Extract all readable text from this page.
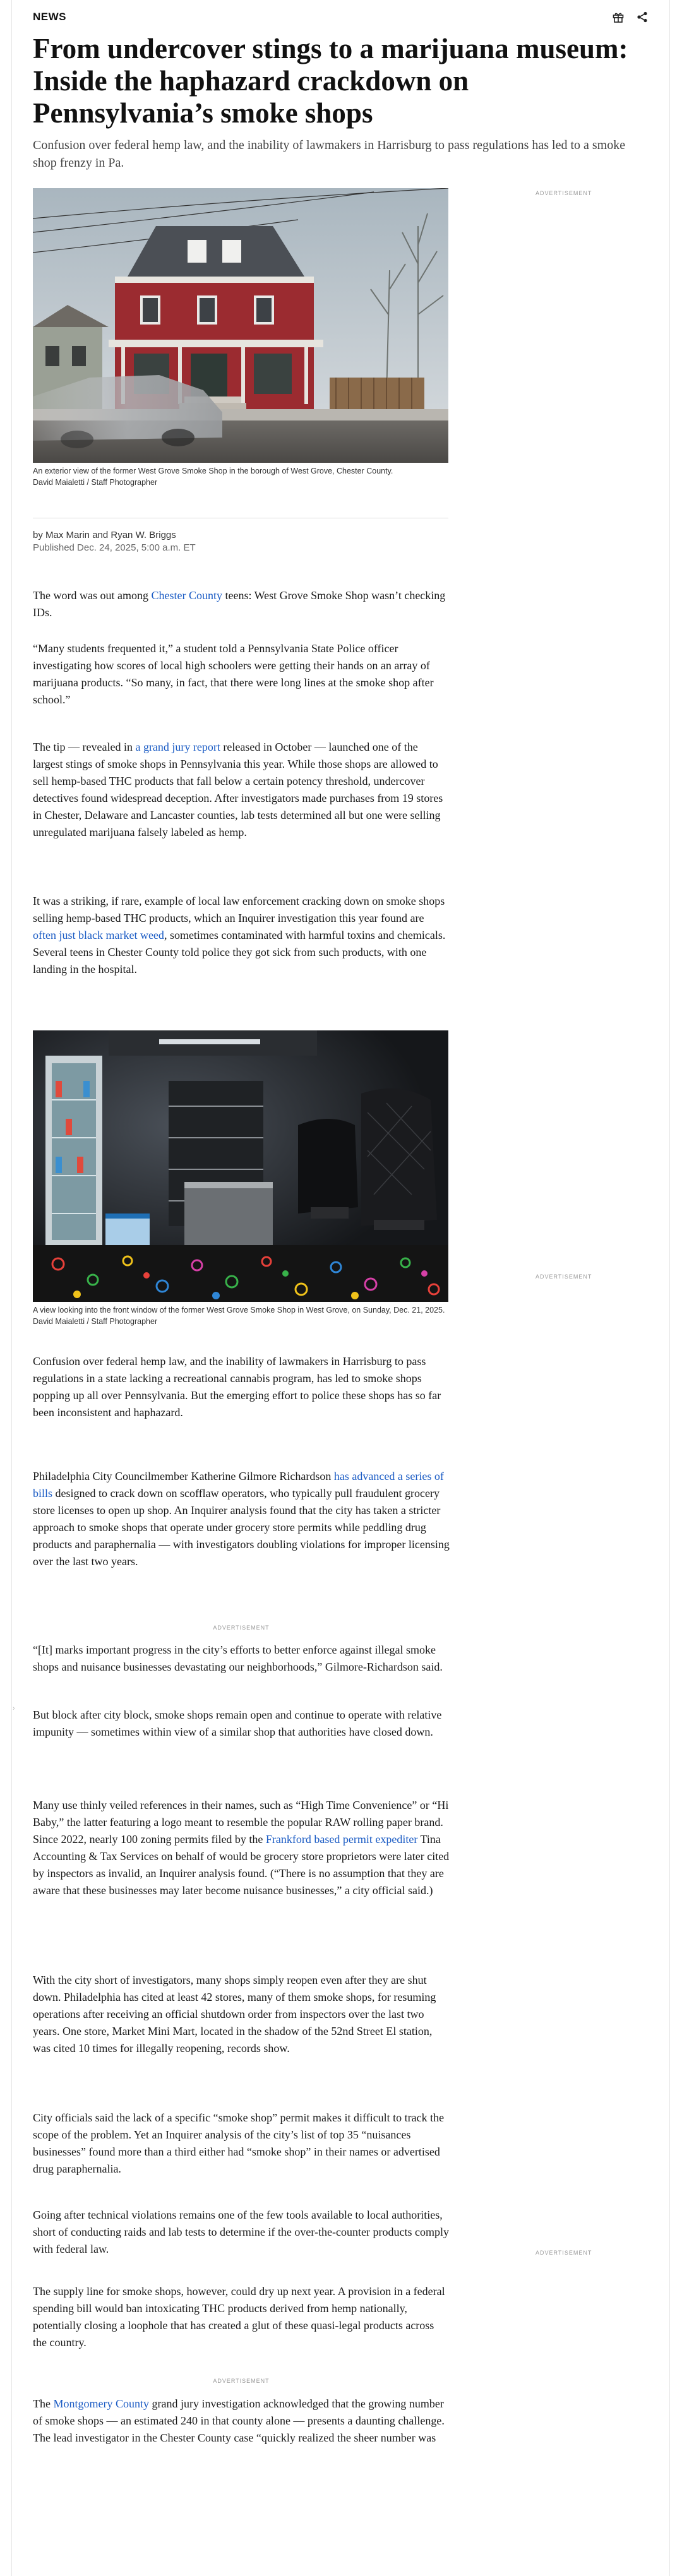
NEWS
From undercover stings to a marijuana museum: Inside the haphazard crackdown on Pennsylvania’s smoke shops

Confusion over federal hemp law, and the inability of lawmakers in Harrisburg to pass regulations has led to a smoke shop frenzy in Pa.

An exterior view of the former West Grove Smoke Shop in the borough of West Grove, Chester County.
David Maialetti / Staff Photographer
ADVERTISEMENT
by Max Marin and Ryan W. Briggs
Published Dec. 24, 2025, 5:00 a.m. ET

The word was out among Chester County teens: West Grove Smoke Shop wasn’t checking IDs.

“Many students frequented it,” a student told a Pennsylvania State Police officer investigating how scores of local high schoolers were getting their hands on an array of marijuana products. “So many, in fact, that there were long lines at the smoke shop after school.”

The tip — revealed in a grand jury report released in October — launched one of the largest stings of smoke shops in Pennsylvania this year. While those shops are allowed to sell hemp-based THC products that fall below a certain potency threshold, undercover detectives found widespread deception. After investigators made purchases from 19 stores in Chester, Delaware and Lancaster counties, lab tests determined all but one were selling unregulated marijuana falsely labeled as hemp.

It was a striking, if rare, example of local law enforcement cracking down on smoke shops selling hemp-based THC products, which an Inquirer investigation this year found are often just black market weed, sometimes contaminated with harmful toxins and chemicals. Several teens in Chester County told police they got sick from such products, with one landing in the hospital.

A view looking into the front window of the former West Grove Smoke Shop in West Grove, on Sunday, Dec. 21, 2025.
David Maialetti / Staff Photographer
ADVERTISEMENT

Confusion over federal hemp law, and the inability of lawmakers in Harrisburg to pass regulations in a state lacking a recreational cannabis program, has led to smoke shops popping up all over Pennsylvania. But the emerging effort to police these shops has so far been inconsistent and haphazard.

Philadelphia City Councilmember Katherine Gilmore Richardson has advanced a series of bills designed to crack down on scofflaw operators, who typically pull fraudulent grocery store licenses to open up shop. An Inquirer analysis found that the city has taken a stricter approach to smoke shops that operate under grocery store permits while peddling drug products and paraphernalia — with investigators doubling violations for improper licensing over the last two years.

ADVERTISEMENT

“[It] marks important progress in the city’s efforts to better enforce against illegal smoke shops and nuisance businesses devastating our neighborhoods,” Gilmore-Richardson said.

But block after city block, smoke shops remain open and continue to operate with relative impunity — sometimes within view of a similar shop that authorities have closed down.

›

Many use thinly veiled references in their names, such as “High Time Convenience” or “Hi Baby,” the latter featuring a logo meant to resemble the popular RAW rolling paper brand. Since 2022, nearly 100 zoning permits filed by the Frankford based permit expediter Tina Accounting & Tax Services on behalf of would be grocery store proprietors were later cited by inspectors as invalid, an Inquirer analysis found. (“There is no assumption that they are aware that these businesses may later become nuisance businesses,” a city official said.)

With the city short of investigators, many shops simply reopen even after they are shut down. Philadelphia has cited at least 42 stores, many of them smoke shops, for resuming operations after receiving an official shutdown order from inspectors over the last two years. One store, Market Mini Mart, located in the shadow of the 52nd Street El station, was cited 10 times for illegally reopening, records show.

City officials said the lack of a specific “smoke shop” permit makes it difficult to track the scope of the problem. Yet an Inquirer analysis of the city’s list of top 35 “nuisances businesses” found more than a third either had “smoke shop” in their names or advertised drug paraphernalia.

Going after technical violations remains one of the few tools available to local authorities, short of conducting raids and lab tests to determine if the over-the-counter products comply with federal law.	ADVERTISEMENT

The supply line for smoke shops, however, could dry up next year. A provision in a federal spending bill would ban intoxicating THC products derived from hemp nationally, potentially closing a loophole that has created a glut of these quasi-legal products across the country.

ADVERTISEMENT

The Montgomery County grand jury investigation acknowledged that the growing number of smoke shops — an estimated 240 in that county alone — presents a daunting challenge. The lead investigator in the Chester County case “quickly realized the sheer number was
